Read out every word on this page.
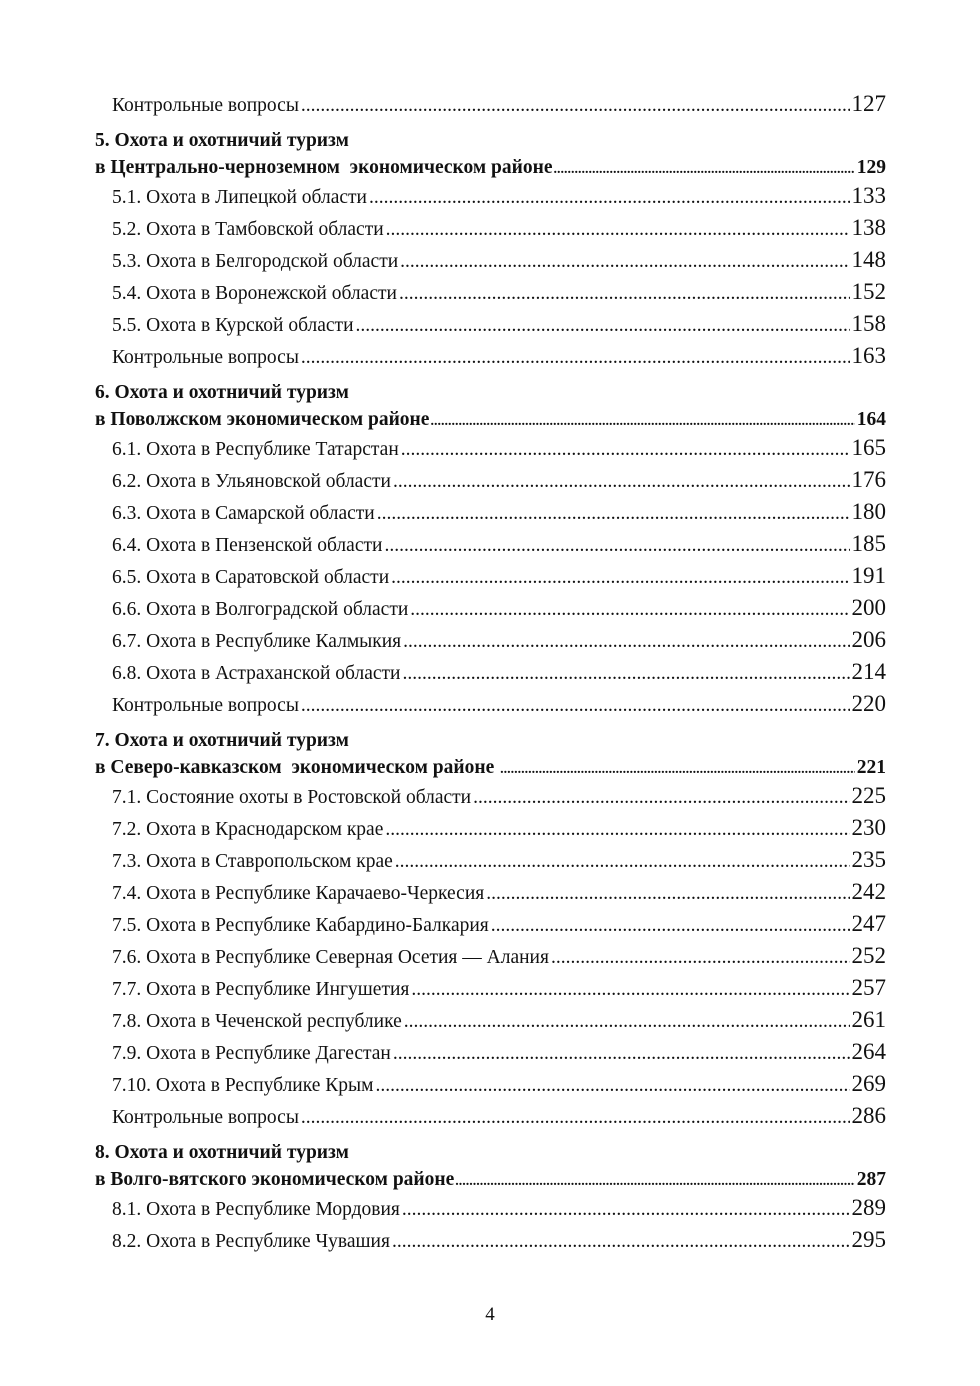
Контрольные вопросы .....	127
5. Охота и охотничий туризм
в Центрально-черноземном  экономическом районе .....	129
5.1. Охота в Липецкой области .....	133
5.2. Охота в Тамбовской области .....	138
5.3. Охота в Белгородской области .....	148
5.4. Охота в Воронежской области .....	152
5.5. Охота в Курской области .....	158
Контрольные вопросы .....	163
6. Охота и охотничий туризм
в Поволжском экономическом районе .....	164
6.1. Охота в Республике Татарстан .....	165
6.2. Охота в Ульяновской области .....	176
6.3. Охота в Самарской области .....	180
6.4. Охота в Пензенской области .....	185
6.5. Охота в Саратовской области .....	191
6.6. Охота в Волгоградской области .....	200
6.7. Охота в Республике Калмыкия .....	206
6.8. Охота в Астраханской области .....	214
Контрольные вопросы .....	220
7. Охота и охотничий туризм
в Северо-кавказском  экономическом районе .....	221
7.1. Состояние охоты в Ростовской области .....	225
7.2. Охота в Краснодарском крае .....	230
7.3. Охота в Ставропольском крае .....	235
7.4. Охота в Республике Карачаево-Черкесия .....	242
7.5. Охота в Республике Кабардино-Балкария .....	247
7.6. Охота в Республике Северная Осетия — Алания .....	252
7.7. Охота в Республике Ингушетия .....	257
7.8. Охота в Чеченской республике .....	261
7.9. Охота в Республике Дагестан .....	264
7.10. Охота в Республике Крым .....	269
Контрольные вопросы .....	286
8. Охота и охотничий туризм
в Волго-вятского экономическом районе .....	287
8.1. Охота в Республике Мордовия .....	289
8.2. Охота в Республике Чувашия .....	295
4
